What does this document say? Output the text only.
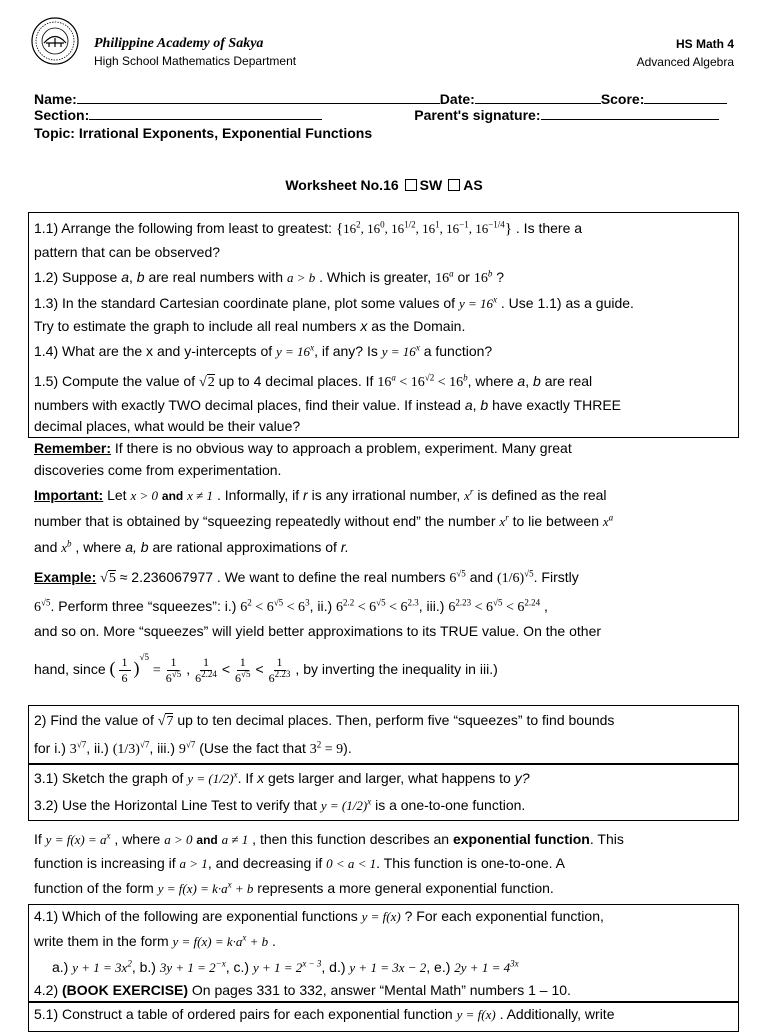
Philippine Academy of Sakya
High School Mathematics Department
HS Math 4
Advanced Algebra
Name:	Date:	Score:
Section:	Parent's signature:
Topic: Irrational Exponents, Exponential Functions
Worksheet No.16 SW AS
1.1) Arrange the following from least to greatest: {$16^2$, $16^0$, $16^{1/2}$, $16^1$, $16^{-1}$, $16^{-1/4}$} . Is there a
pattern that can be observed?
1.2) Suppose a, b are real numbers with a > b . Which is greater, 16$^a$ or 16$^b$ ?
1.3) In the standard Cartesian coordinate plane, plot some values of $y = 16^x$ . Use 1.1) as a guide.
Try to estimate the graph to include all real numbers x as the Domain.
1.4) What are the x and y-intercepts of $y = 16^x$, if any? Is $y = 16^x$ a function?
1.5) Compute the value of √2 up to 4 decimal places. If $16^a < 16^{√2} < 16^b$, where a, b are real
numbers with exactly TWO decimal places, find their value. If instead a, b have exactly THREE
decimal places, what would be their value?
Remember: If there is no obvious way to approach a problem, experiment. Many great
discoveries come from experimentation.
Important: Let x > 0 and x ≠ 1 . Informally, if r is any irrational number, $x^r$ is defined as the real
number that is obtained by “squeezing repeatedly without end” the number $x^r$ to lie between $x^a$
and $x^b$ , where a, b are rational approximations of r.
Example: √5 ≈ 2.236067977 . We want to define the real numbers $6^{√5}$ and $(1/6)^{√5}$. Firstly
$6^{√5}$. Perform three “squeezes”: i.) $6^2 < 6^{√5} < 6^3$, ii.) $6^{2.2} < 6^{√5} < 6^{2.3}$, iii.) $6^{2.23} < 6^{√5} < 6^{2.24}$ ,
and so on. More “squeezes” will yield better approximations to its TRUE value. On the other
hand, since ( $\frac{1}{6} )^{√5} = \frac{1}{6^{√5}}$ , $\frac{1}{6^{2.24}} < \frac{1}{6^{√5}} < \frac{1}{6^{2.23}}$ , by inverting the inequality in iii.)
2) Find the value of √7 up to ten decimal places. Then, perform five “squeezes” to find bounds
for i.) $3^{√7}$, ii.) $(1/3)^{√7}$, iii.) $9^{√7}$ (Use the fact that $3^2 = 9$).
3.1) Sketch the graph of $y = (1/2)^x$. If x gets larger and larger, what happens to y?
3.2) Use the Horizontal Line Test to verify that $y = (1/2)^x$ is a one-to-one function.
If $y = f(x) = a^x$ , where a > 0 and a ≠ 1 , then this function describes an exponential function. This
function is increasing if a > 1, and decreasing if 0 < a < 1. This function is one-to-one. A
function of the form $y = f(x) = k\cdot a^x + b$ represents a more general exponential function.
4.1) Which of the following are exponential functions y = f(x) ? For each exponential function,
write them in the form $y = f(x) = k\cdot a^x + b$ .
a.) $y + 1 = 3x^2$, b.) $3y + 1 = 2^{-x}$, c.) $y + 1 = 2^{x - 3}$, d.) y + 1 = 3x − 2, e.) $2y + 1 = 4^{3x}$
4.2) (BOOK EXERCISE) On pages 331 to 332, answer “Mental Math” numbers 1 – 10.
5.1) Construct a table of ordered pairs for each exponential function y = f(x) . Additionally, write
